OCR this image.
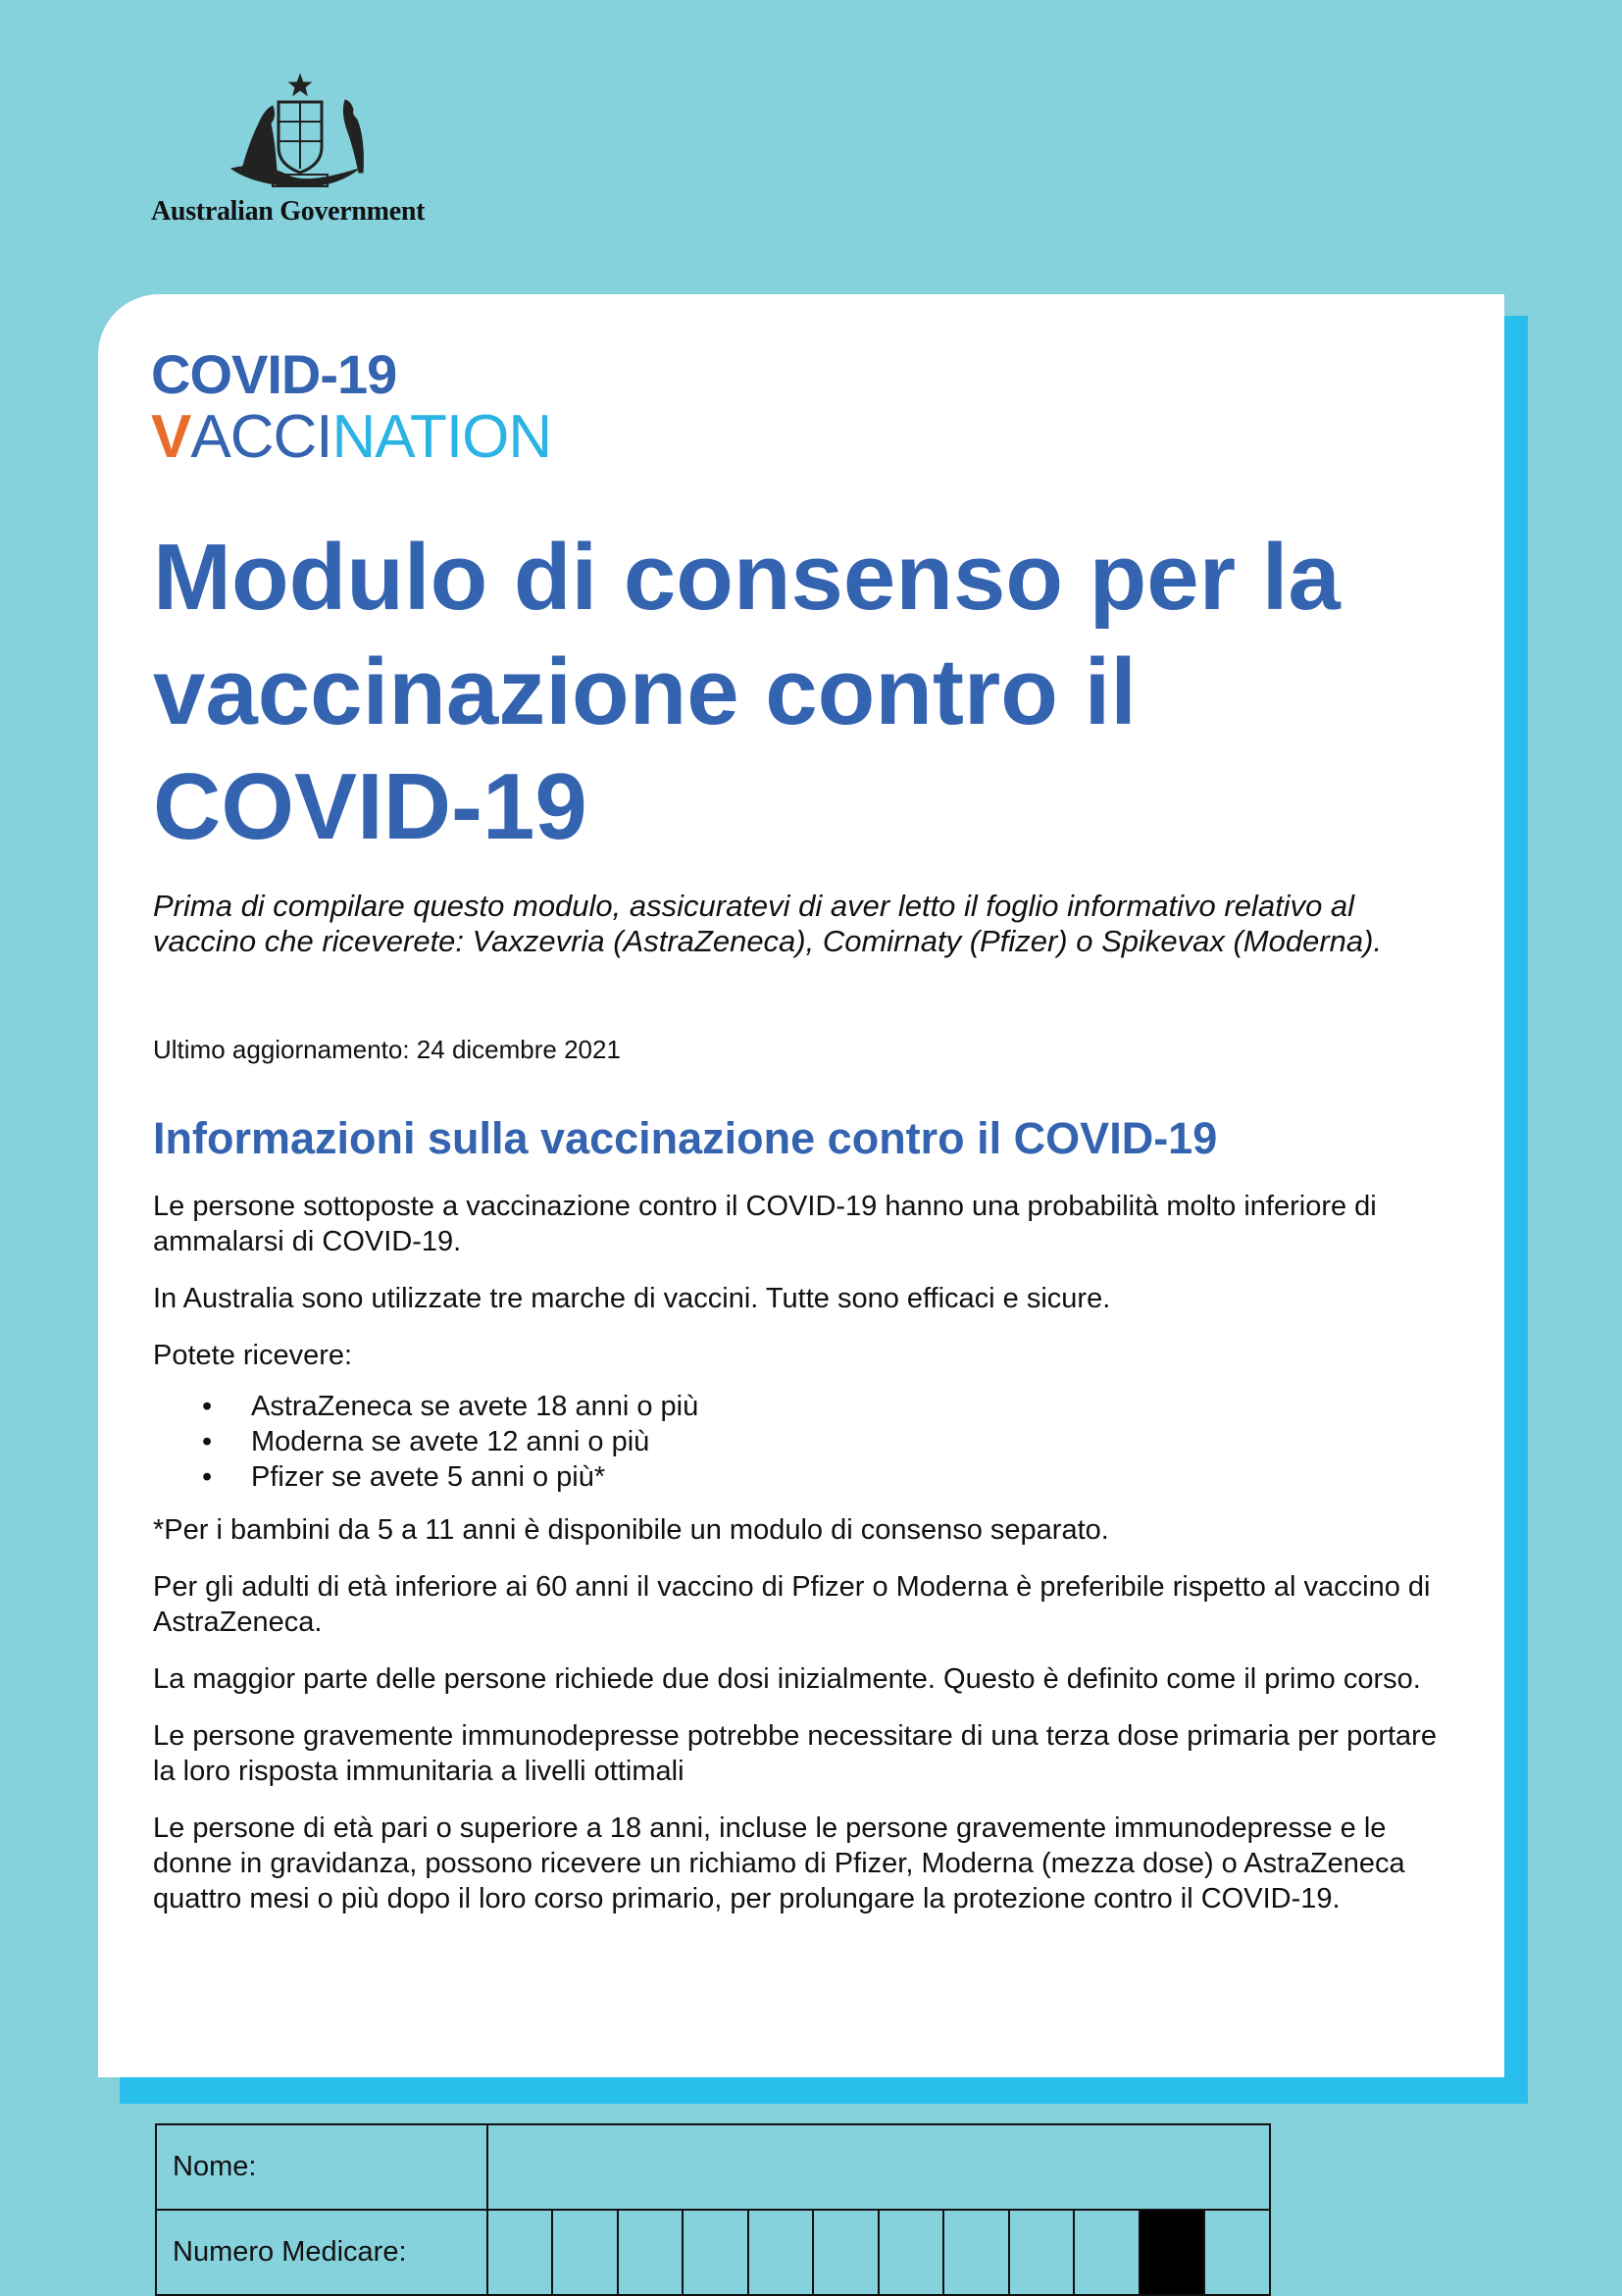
Australian Government
COVID-19
VACCINATION
Modulo di consenso per la vaccinazione contro il COVID-19

Prima di compilare questo modulo, assicuratevi di aver letto il foglio informativo relativo al vaccino che riceverete: Vaxzevria (AstraZeneca), Comirnaty (Pfizer) o Spikevax (Moderna).

Ultimo aggiornamento: 24 dicembre 2021

Informazioni sulla vaccinazione contro il COVID-19

Le persone sottoposte a vaccinazione contro il COVID-19 hanno una probabilità molto inferiore di ammalarsi di COVID-19.

In Australia sono utilizzate tre marche di vaccini. Tutte sono efficaci e sicure.

Potete ricevere:

• AstraZeneca se avete 18 anni o più
• Moderna se avete 12 anni o più
• Pfizer se avete 5 anni o più*

*Per i bambini da 5 a 11 anni è disponibile un modulo di consenso separato.

Per gli adulti di età inferiore ai 60 anni il vaccino di Pfizer o Moderna è preferibile rispetto al vaccino di AstraZeneca.

La maggior parte delle persone richiede due dosi inizialmente. Questo è definito come il primo corso.

Le persone gravemente immunodepresse potrebbe necessitare di una terza dose primaria per portare la loro risposta immunitaria a livelli ottimali

Le persone di età pari o superiore a 18 anni, incluse le persone gravemente immunodepresse e le donne in gravidanza, possono ricevere un richiamo di Pfizer, Moderna (mezza dose) o AstraZeneca quattro mesi o più dopo il loro corso primario, per prolungare la protezione contro il COVID-19.

Nome:												
Numero Medicare:												
